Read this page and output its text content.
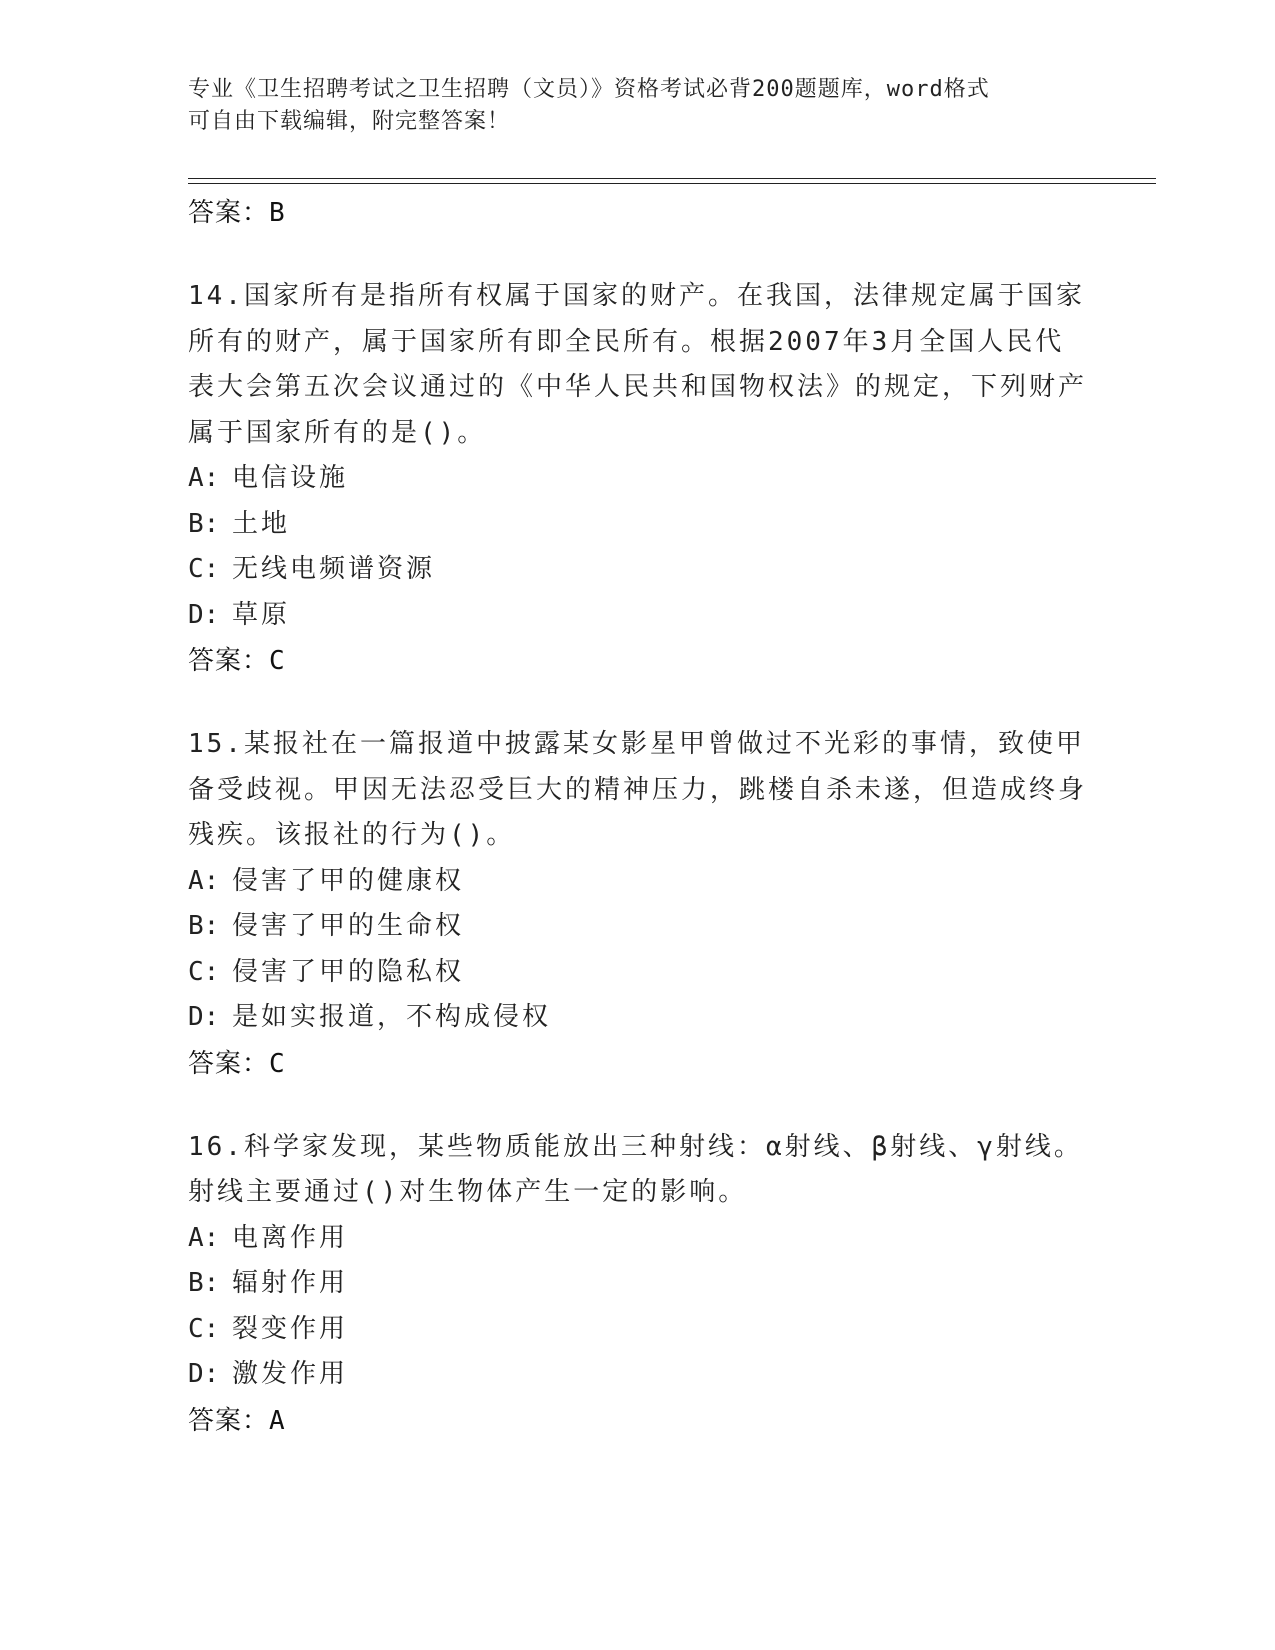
专业《卫生招聘考试之卫生招聘（文员）》资格考试必背200题题库，word格式
可自由下载编辑，附完整答案！
答案：B
14.国家所有是指所有权属于国家的财产。在我国，法律规定属于国家所有的财产，属于国家所有即全民所有。根据2007年3月全国人民代表大会第五次会议通过的《中华人民共和国物权法》的规定，下列财产属于国家所有的是()。
A: 电信设施
B: 土地
C: 无线电频谱资源
D: 草原
答案：C
15.某报社在一篇报道中披露某女影星甲曾做过不光彩的事情，致使甲备受歧视。甲因无法忍受巨大的精神压力，跳楼自杀未遂，但造成终身残疾。该报社的行为()。
A: 侵害了甲的健康权
B: 侵害了甲的生命权
C: 侵害了甲的隐私权
D: 是如实报道，不构成侵权
答案：C
16.科学家发现，某些物质能放出三种射线：α射线、β射线、γ射线。射线主要通过()对生物体产生一定的影响。
A: 电离作用
B: 辐射作用
C: 裂变作用
D: 激发作用
答案：A
